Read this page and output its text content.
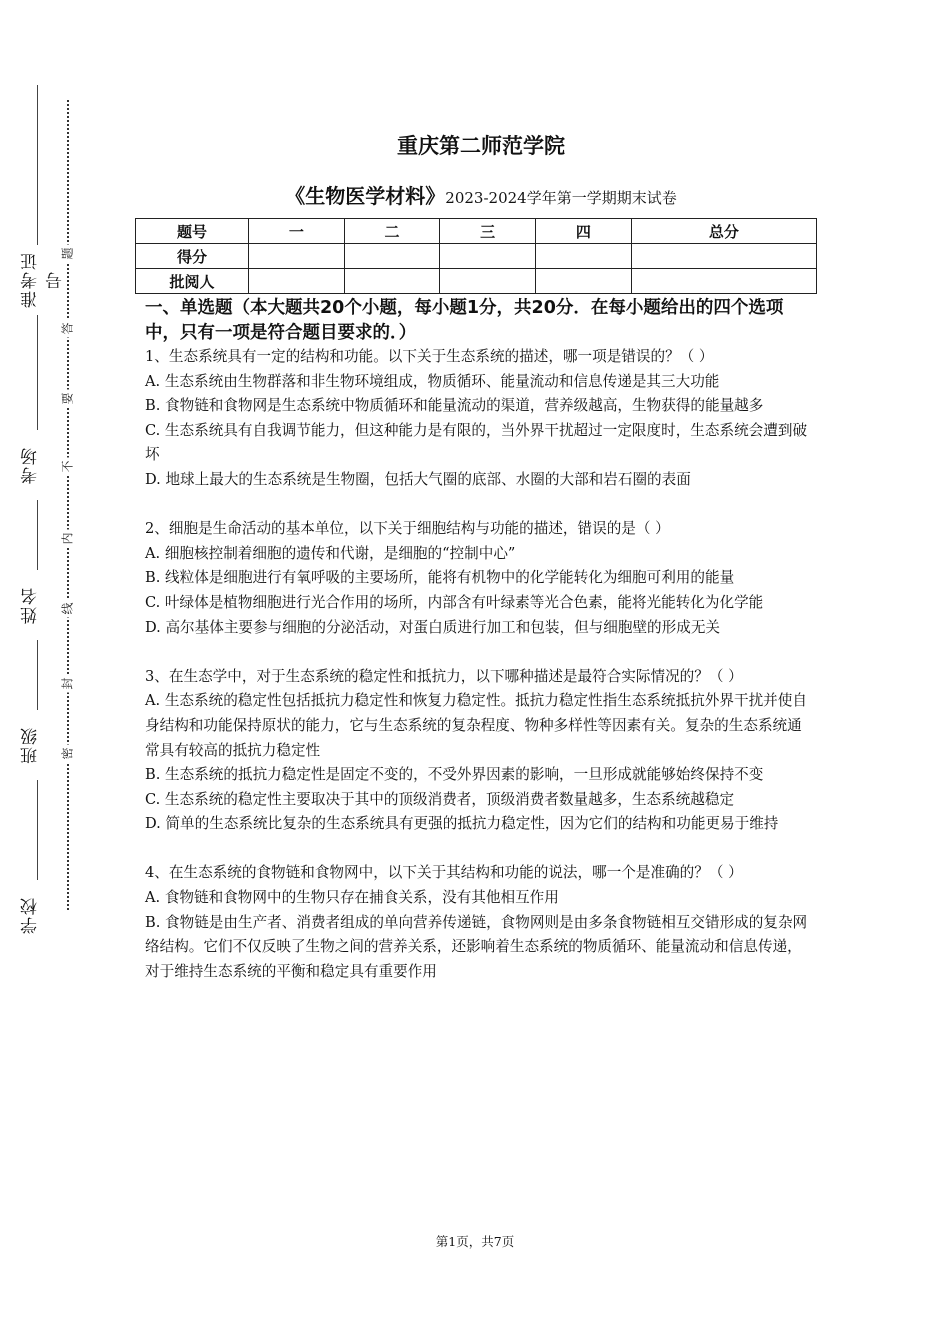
准考证号
考场
姓名
班级
学校
题
答
要
不
内
线
封
密
重庆第二师范学院
《生物医学材料》2023-2024学年第一学期期末试卷
题号	一	二	三	四	总分
得分					
批阅人					
一、单选题（本大题共20个小题，每小题1分，共20分．在每小题给出的四个选项中，只有一项是符合题目要求的．）

1、生态系统具有一定的结构和功能。以下关于生态系统的描述，哪一项是错误的？（ ）

A. 生态系统由生物群落和非生物环境组成，物质循环、能量流动和信息传递是其三大功能

B. 食物链和食物网是生态系统中物质循环和能量流动的渠道，营养级越高，生物获得的能量越多

C. 生态系统具有自我调节能力，但这种能力是有限的，当外界干扰超过一定限度时，生态系统会遭到破坏

D. 地球上最大的生态系统是生物圈，包括大气圈的底部、水圈的大部和岩石圈的表面

2、细胞是生命活动的基本单位，以下关于细胞结构与功能的描述，错误的是（ ）

A. 细胞核控制着细胞的遗传和代谢，是细胞的“控制中心”

B. 线粒体是细胞进行有氧呼吸的主要场所，能将有机物中的化学能转化为细胞可利用的能量

C. 叶绿体是植物细胞进行光合作用的场所，内部含有叶绿素等光合色素，能将光能转化为化学能

D. 高尔基体主要参与细胞的分泌活动，对蛋白质进行加工和包装，但与细胞壁的形成无关

3、在生态学中，对于生态系统的稳定性和抵抗力，以下哪种描述是最符合实际情况的？（ ）

A. 生态系统的稳定性包括抵抗力稳定性和恢复力稳定性。抵抗力稳定性指生态系统抵抗外界干扰并使自身结构和功能保持原状的能力，它与生态系统的复杂程度、物种多样性等因素有关。复杂的生态系统通常具有较高的抵抗力稳定性

B. 生态系统的抵抗力稳定性是固定不变的，不受外界因素的影响，一旦形成就能够始终保持不变

C. 生态系统的稳定性主要取决于其中的顶级消费者，顶级消费者数量越多，生态系统越稳定

D. 简单的生态系统比复杂的生态系统具有更强的抵抗力稳定性，因为它们的结构和功能更易于维持

4、在生态系统的食物链和食物网中，以下关于其结构和功能的说法，哪一个是准确的？（ ）

A. 食物链和食物网中的生物只存在捕食关系，没有其他相互作用

B. 食物链是由生产者、消费者组成的单向营养传递链，食物网则是由多条食物链相互交错形成的复杂网络结构。它们不仅反映了生物之间的营养关系，还影响着生态系统的物质循环、能量流动和信息传递，对于维持生态系统的平衡和稳定具有重要作用

第1页，共7页
